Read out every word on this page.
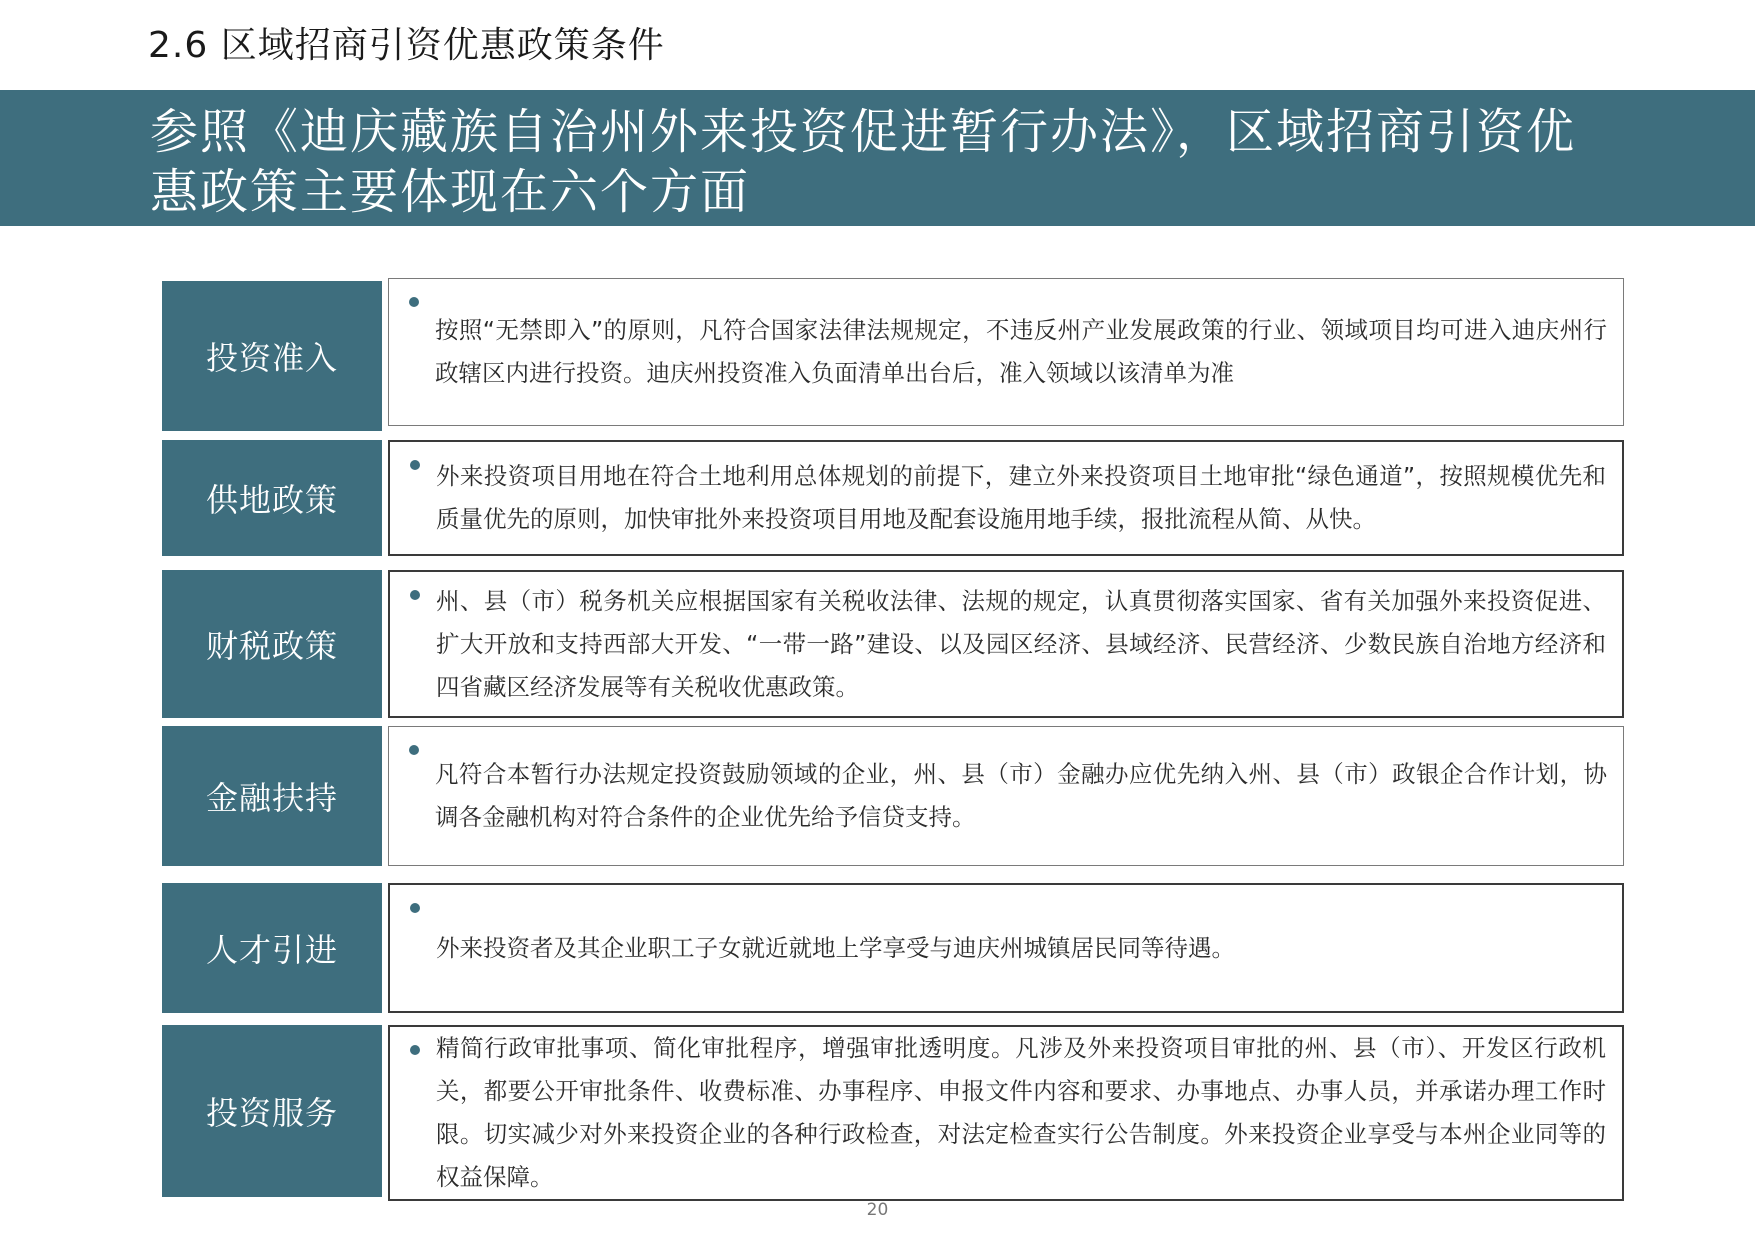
2.6 区域招商引资优惠政策条件
参照《迪庆藏族自治州外来投资促进暂行办法》，区域招商引资优惠政策主要体现在六个方面
投资准入
按照“无禁即入”的原则，凡符合国家法律法规规定，不违反州产业发展政策的行业、领域项目均可进入迪庆州行政辖区内进行投资。迪庆州投资准入负面清单出台后，准入领域以该清单为准
供地政策
外来投资项目用地在符合土地利用总体规划的前提下，建立外来投资项目土地审批“绿色通道”，按照规模优先和质量优先的原则，加快审批外来投资项目用地及配套设施用地手续，报批流程从简、从快。
财税政策
州、县（市）税务机关应根据国家有关税收法律、法规的规定，认真贯彻落实国家、省有关加强外来投资促进、扩大开放和支持西部大开发、“一带一路”建设、以及园区经济、县域经济、民营经济、少数民族自治地方经济和四省藏区经济发展等有关税收优惠政策。
金融扶持
凡符合本暂行办法规定投资鼓励领域的企业，州、县（市）金融办应优先纳入州、县（市）政银企合作计划，协调各金融机构对符合条件的企业优先给予信贷支持。
人才引进	外来投资者及其企业职工子女就近就地上学享受与迪庆州城镇居民同等待遇。
投资服务
精简行政审批事项、简化审批程序，增强审批透明度。凡涉及外来投资项目审批的州、县（市）、开发区行政机关，都要公开审批条件、收费标准、办事程序、申报文件内容和要求、办事地点、办事人员，并承诺办理工作时限。切实减少对外来投资企业的各种行政检查，对法定检查实行公告制度。外来投资企业享受与本州企业同等的权益保障。
20
